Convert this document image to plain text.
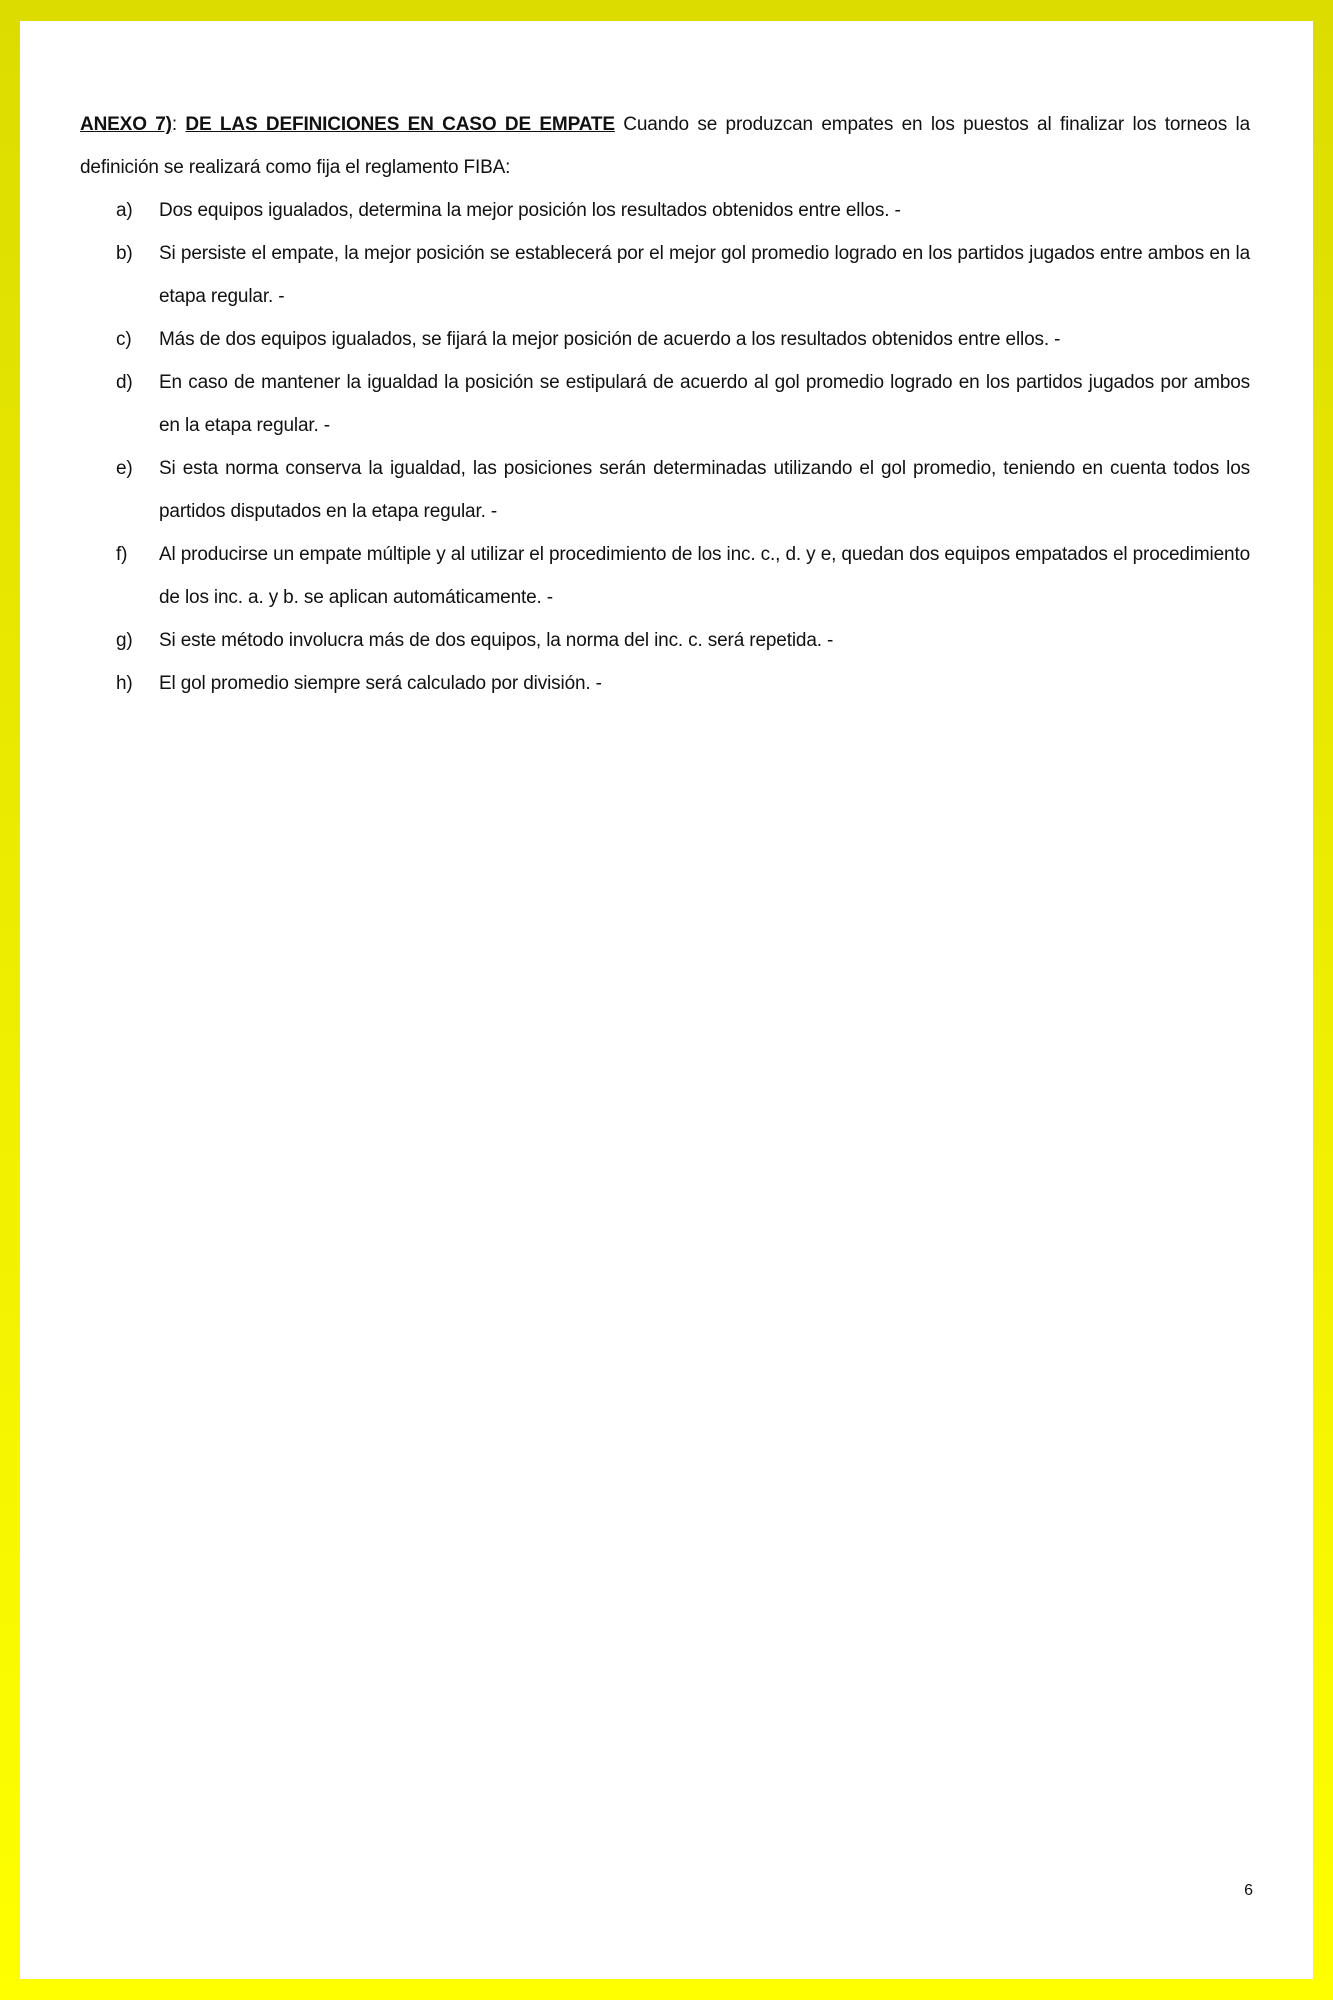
ANEXO 7): DE LAS DEFINICIONES EN CASO DE EMPATE Cuando se produzcan empates en los puestos al finalizar los torneos la definición se realizará como fija el reglamento FIBA:

a)	Dos equipos igualados, determina la mejor posición los resultados obtenidos entre ellos. -
b)	Si persiste el empate, la mejor posición se establecerá por el mejor gol promedio logrado en los partidos jugados entre ambos en la etapa regular. -
c)	Más de dos equipos igualados, se fijará la mejor posición de acuerdo a los resultados obtenidos entre ellos. -
d)	En caso de mantener la igualdad la posición se estipulará de acuerdo al gol promedio logrado en los partidos jugados por ambos en la etapa regular. -
e)	Si esta norma conserva la igualdad, las posiciones serán determinadas utilizando el gol promedio, teniendo en cuenta todos los partidos disputados en la etapa regular. -
f)	Al producirse un empate múltiple y al utilizar el procedimiento de los inc. c., d. y e, quedan dos equipos empatados el procedimiento de los inc. a. y b. se aplican automáticamente. -
g)	Si este método involucra más de dos equipos, la norma del inc. c. será repetida. -
h)	El gol promedio siempre será calculado por división. -
6
